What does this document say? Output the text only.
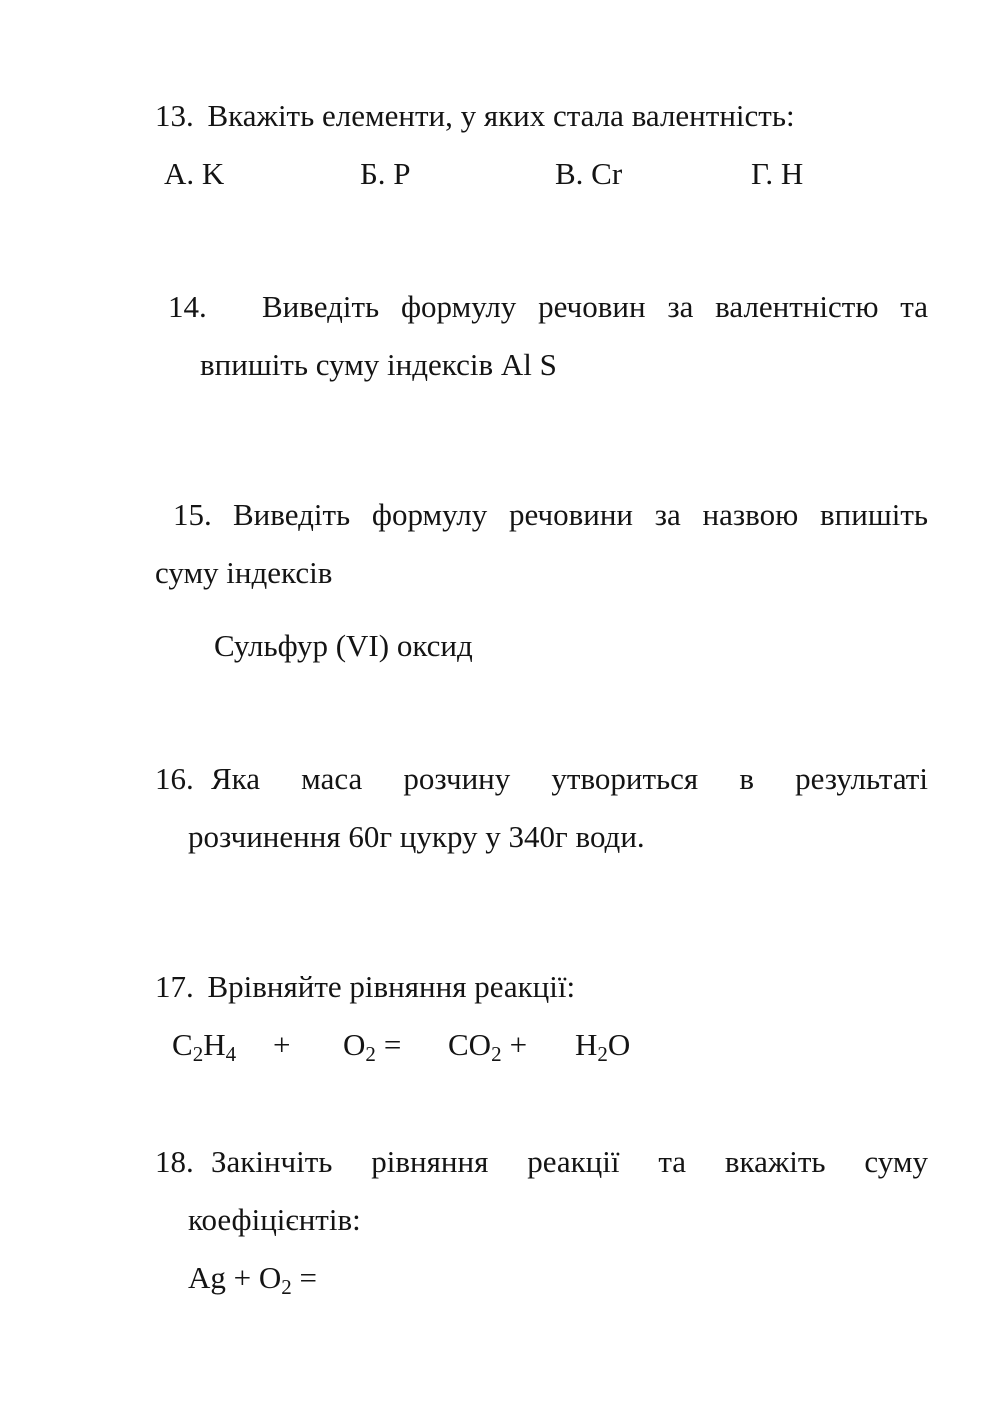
13. Вкажіть елементи, у яких стала валентність:
А. K	Б. P	В. Cr	Г. H
14. Виведіть формулу речовин за валентністю та
впишіть суму індексів Al S
15. Виведіть формулу речовини за назвою впишіть
суму індексів
Сульфур (VI) оксид
16. Яка маса розчину утвориться в результаті
розчинення 60г цукру у 340г води.
17. Врівняйте рівняння реакції:
$C_2H_4 + O_2 = CO_2 + H_2O$
18. Закінчіть рівняння реакції та вкажіть суму
коефіцієнтів:
$Ag + O_2$ =
